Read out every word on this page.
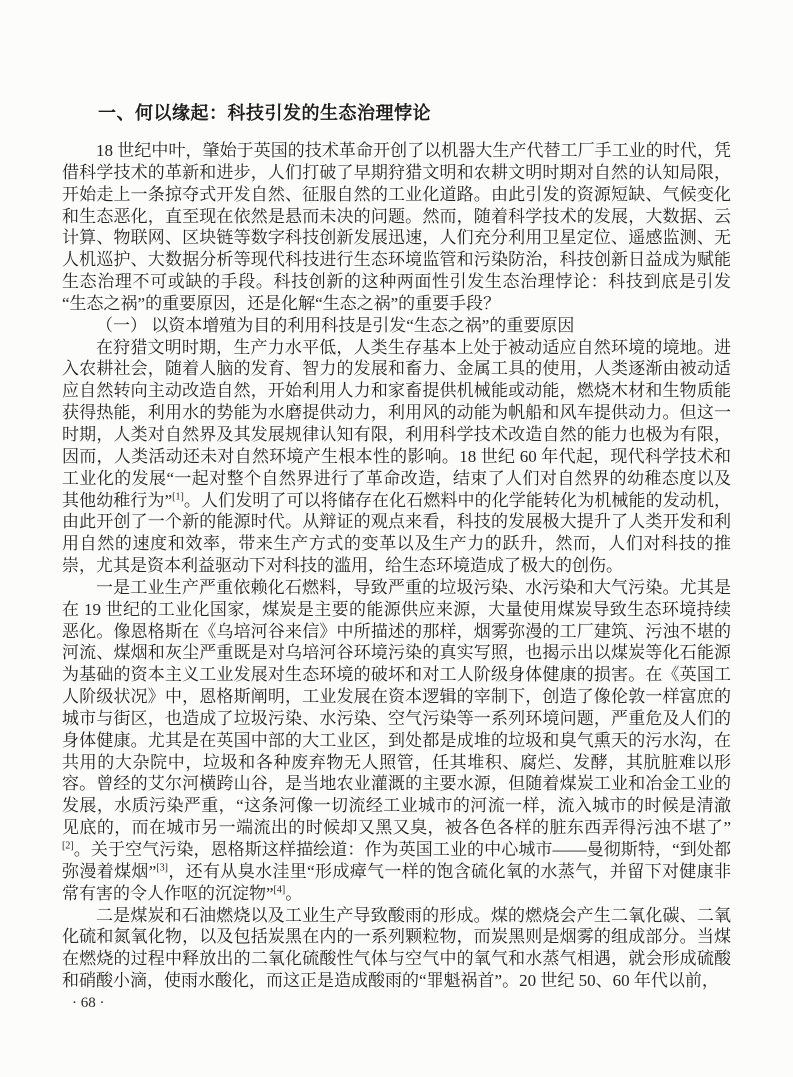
一、何以缘起：科技引发的生态治理悖论

18 世纪中叶，肇始于英国的技术革命开创了以机器大生产代替工厂手工业的时代，凭借科学技术的革新和进步，人们打破了早期狩猎文明和农耕文明时期对自然的认知局限，开始走上一条掠夺式开发自然、征服自然的工业化道路。由此引发的资源短缺、气候变化和生态恶化，直至现在依然是悬而未决的问题。然而，随着科学技术的发展，大数据、云计算、物联网、区块链等数字科技创新发展迅速，人们充分利用卫星定位、遥感监测、无人机巡护、大数据分析等现代科技进行生态环境监管和污染防治，科技创新日益成为赋能生态治理不可或缺的手段。科技创新的这种两面性引发生态治理悖论：科技到底是引发“生态之祸”的重要原因，还是化解“生态之祸”的重要手段？

（一） 以资本增殖为目的利用科技是引发“生态之祸”的重要原因

在狩猎文明时期，生产力水平低，人类生存基本上处于被动适应自然环境的境地。进入农耕社会，随着人脑的发育、智力的发展和畜力、金属工具的使用，人类逐渐由被动适应自然转向主动改造自然，开始利用人力和家畜提供机械能或动能，燃烧木材和生物质能获得热能，利用水的势能为水磨提供动力，利用风的动能为帆船和风车提供动力。但这一时期，人类对自然界及其发展规律认知有限，利用科学技术改造自然的能力也极为有限，因而，人类活动还未对自然环境产生根本性的影响。18 世纪 60 年代起，现代科学技术和工业化的发展“一起对整个自然界进行了革命改造，结束了人们对自然界的幼稚态度以及其他幼稚行为”[1]。人们发明了可以将储存在化石燃料中的化学能转化为机械能的发动机，由此开创了一个新的能源时代。从辩证的观点来看，科技的发展极大提升了人类开发和利用自然的速度和效率，带来生产方式的变革以及生产力的跃升，然而，人们对科技的推崇，尤其是资本利益驱动下对科技的滥用，给生态环境造成了极大的创伤。

一是工业生产严重依赖化石燃料，导致严重的垃圾污染、水污染和大气污染。尤其是在 19 世纪的工业化国家，煤炭是主要的能源供应来源，大量使用煤炭导致生态环境持续恶化。像恩格斯在《乌培河谷来信》中所描述的那样，烟雾弥漫的工厂建筑、污浊不堪的河流、煤烟和灰尘严重既是对乌培河谷环境污染的真实写照，也揭示出以煤炭等化石能源为基础的资本主义工业发展对生态环境的破坏和对工人阶级身体健康的损害。在《英国工人阶级状况》中，恩格斯阐明，工业发展在资本逻辑的宰制下，创造了像伦敦一样富庶的城市与街区，也造成了垃圾污染、水污染、空气污染等一系列环境问题，严重危及人们的身体健康。尤其是在英国中部的大工业区，到处都是成堆的垃圾和臭气熏天的污水沟，在共用的大杂院中，垃圾和各种废弃物无人照管，任其堆积、腐烂、发酵，其肮脏难以形容。曾经的艾尔河横跨山谷，是当地农业灌溉的主要水源，但随着煤炭工业和冶金工业的发展，水质污染严重，“这条河像一切流经工业城市的河流一样，流入城市的时候是清澈见底的，而在城市另一端流出的时候却又黑又臭，被各色各样的脏东西弄得污浊不堪了”[2]。关于空气污染，恩格斯这样描绘道：作为英国工业的中心城市——曼彻斯特，“到处都弥漫着煤烟”[3]，还有从臭水洼里“形成瘴气一样的饱含硫化氧的水蒸气，并留下对健康非常有害的令人作呕的沉淀物”[4]。

二是煤炭和石油燃烧以及工业生产导致酸雨的形成。煤的燃烧会产生二氧化碳、二氧化硫和氮氧化物，以及包括炭黑在内的一系列颗粒物，而炭黑则是烟雾的组成部分。当煤在燃烧的过程中释放出的二氧化硫酸性气体与空气中的氧气和水蒸气相遇，就会形成硫酸和硝酸小滴，使雨水酸化，而这正是造成酸雨的“罪魁祸首”。20 世纪 50、60 年代以前，

· 68 ·
